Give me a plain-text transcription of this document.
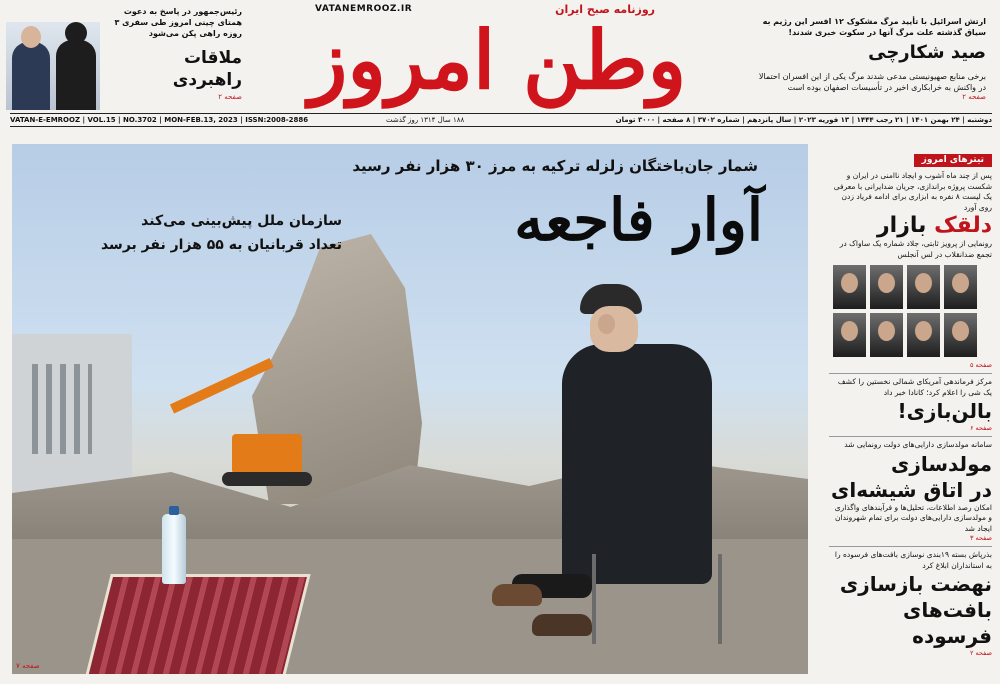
رئیس‌جمهور در پاسخ به دعوت همتای چینی امروز طی سفری ۳ روزه راهی پکن می‌شود
ملاقات
راهبردی
صفحه ۲
VATANEMROOZ.IR	روزنامه صبح ایران
وطن امروز	ارتش اسرائیل با تأیید مرگ مشکوک ۱۲ افسر این رژیم به سیاق گذشته علت مرگ آنها در سکوت خبری شدند!
صید شکارچی
برخی منابع صهیونیستی مدعی شدند مرگ یکی از این افسران احتمالا در واکنش به خرابکاری اخیر در تأسیسات اصفهان بوده است
صفحه ۲
VATAN-E-EMROOZ | VOL.15 | NO.3702 | MON-FEB.13, 2023 | ISSN:2008-2886	۱۸۸ سال ۱۳۱۴ روز گذشت	دوشنبه | ۲۴ بهمن ۱۴۰۱ | ۲۱ رجب ۱۴۴۴ | ۱۳ فوریه ۲۰۲۳ | سال پانزدهم | شماره ۳۷۰۲ | ۸ صفحه | ۳۰۰۰ تومان
شمار جان‌باختگان زلزله ترکیه به مرز ۳۰ هزار نفر رسید
آوار فاجعه
سازمان ملل پیش‌بینی می‌کند
تعداد قربانیان به ۵۵ هزار نفر برسد
صفحه ۷
تیترهای امروز
پس از چند ماه آشوب و ایجاد ناامنی در ایران و شکست پروژه براندازی، جریان ضدایرانی با معرفی یک لیست ۸ نفره به ابزاری برای ادامه فریاد زدن روی آورد
دلقک بازار
رونمایی از پرویز ثابتی، جلاد شماره یک ساواک در تجمع ضدانقلاب در لس آنجلس
صفحه ۵
مرکز فرماندهی آمریکای شمالی نخستین را کشف یک شی را اعلام کرد؛ کانادا خبر داد
بالن‌بازی!
صفحه ۶
سامانه مولدسازی دارایی‌های دولت رونمایی شد
مولدسازی
در اتاق شیشه‌ای
امکان رصد اطلاعات، تحلیل‌ها و فرآیندهای واگذاری و مولدسازی دارایی‌های دولت برای تمام شهروندان ایجاد شد
صفحه ۳
بذرپاش بسته ۱۹‌بندی نوسازی بافت‌های فرسوده را به استانداران ابلاغ کرد
نهضت بازسازی
بافت‌های فرسوده
صفحه ۲
